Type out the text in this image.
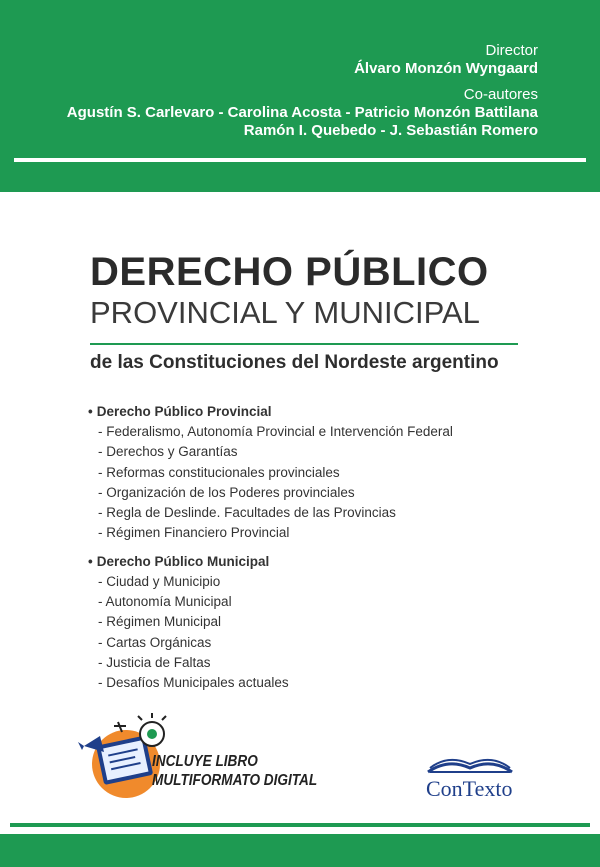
Director
Álvaro Monzón Wyngaard
Co-autores
Agustín S. Carlevaro - Carolina Acosta - Patricio Monzón Battilana
Ramón I. Quebedo - J. Sebastián Romero
DERECHO PÚBLICO
PROVINCIAL Y MUNICIPAL
de las Constituciones del Nordeste argentino
• Derecho Público Provincial
- Federalismo, Autonomía Provincial e Intervención Federal
- Derechos y Garantías
- Reformas constitucionales provinciales
- Organización de los Poderes provinciales
- Regla de Deslinde. Facultades de las Provincias
- Régimen Financiero Provincial
• Derecho Público Municipal
- Ciudad y Municipio
- Autonomía Municipal
- Régimen Municipal
- Cartas Orgánicas
- Justicia de Faltas
- Desafíos Municipales actuales
INCLUYE LIBRO
MULTIFORMATO DIGITAL	ConTexto
